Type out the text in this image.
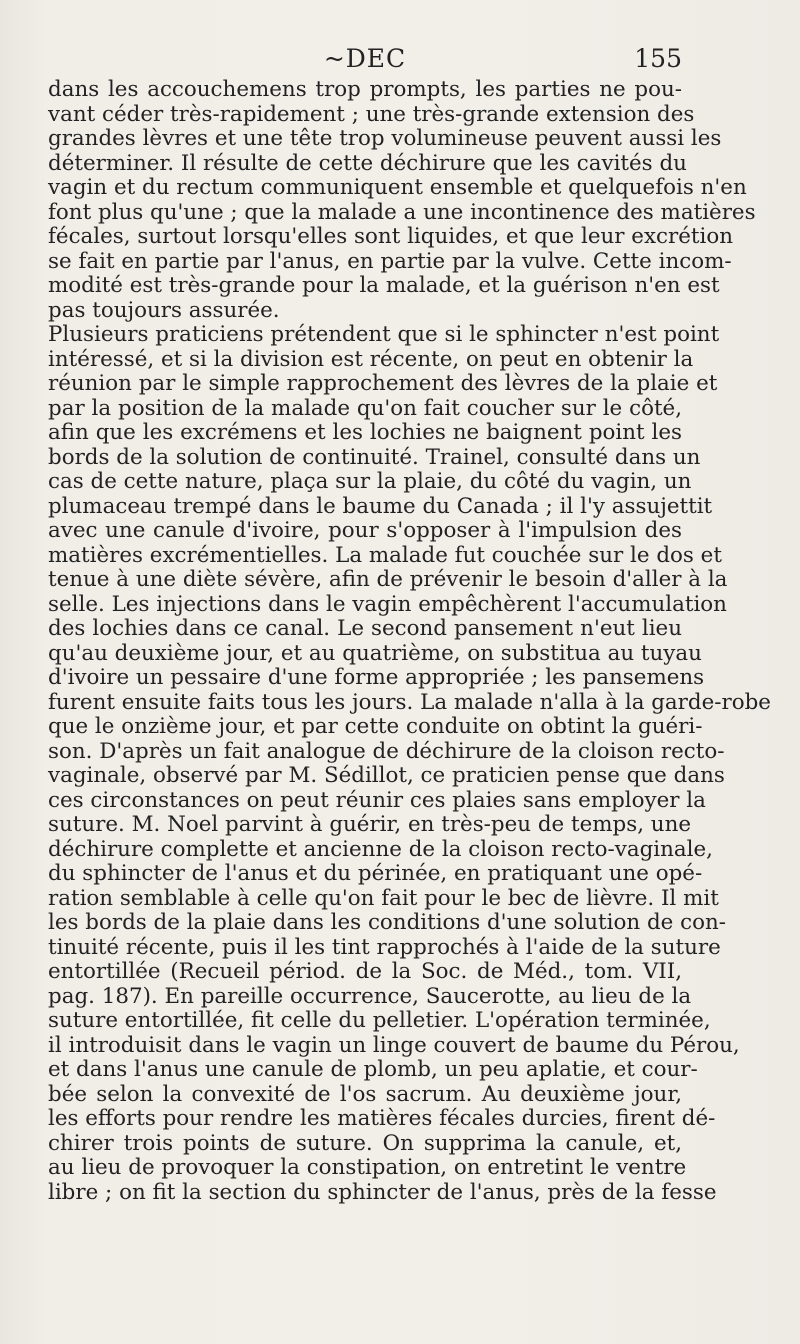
~DEC	155
dans les accouchemens trop prompts, les parties ne pou-
vant céder très-rapidement ; une très-grande extension des
grandes lèvres et une tête trop volumineuse peuvent aussi les
déterminer. Il résulte de cette déchirure que les cavités du
vagin et du rectum communiquent ensemble et quelquefois n'en
font plus qu'une ; que la malade a une incontinence des matières
fécales, surtout lorsqu'elles sont liquides, et que leur excrétion
se fait en partie par l'anus, en partie par la vulve. Cette incom-
modité est très-grande pour la malade, et la guérison n'en est
pas toujours assurée.
Plusieurs praticiens prétendent que si le sphincter n'est point
intéressé, et si la division est récente, on peut en obtenir la
réunion par le simple rapprochement des lèvres de la plaie et
par la position de la malade qu'on fait coucher sur le côté,
afin que les excrémens et les lochies ne baignent point les
bords de la solution de continuité. Trainel, consulté dans un
cas de cette nature, plaça sur la plaie, du côté du vagin, un
plumaceau trempé dans le baume du Canada ; il l'y assujettit
avec une canule d'ivoire, pour s'opposer à l'impulsion des
matières excrémentielles. La malade fut couchée sur le dos et
tenue à une diète sévère, afin de prévenir le besoin d'aller à la
selle. Les injections dans le vagin empêchèrent l'accumulation
des lochies dans ce canal. Le second pansement n'eut lieu
qu'au deuxième jour, et au quatrième, on substitua au tuyau
d'ivoire un pessaire d'une forme appropriée ; les pansemens
furent ensuite faits tous les jours. La malade n'alla à la garde-robe
que le onzième jour, et par cette conduite on obtint la guéri-
son. D'après un fait analogue de déchirure de la cloison recto-
vaginale, observé par M. Sédillot, ce praticien pense que dans
ces circonstances on peut réunir ces plaies sans employer la
suture. M. Noel parvint à guérir, en très-peu de temps, une
déchirure complette et ancienne de la cloison recto-vaginale,
du sphincter de l'anus et du périnée, en pratiquant une opé-
ration semblable à celle qu'on fait pour le bec de lièvre. Il mit
les bords de la plaie dans les conditions d'une solution de con-
tinuité récente, puis il les tint rapprochés à l'aide de la suture
entortillée (Recueil périod. de la Soc. de Méd., tom. VII,
pag. 187). En pareille occurrence, Saucerotte, au lieu de la
suture entortillée, fit celle du pelletier. L'opération terminée,
il introduisit dans le vagin un linge couvert de baume du Pérou,
et dans l'anus une canule de plomb, un peu aplatie, et cour-
bée selon la convexité de l'os sacrum. Au deuxième jour,
les efforts pour rendre les matières fécales durcies, firent dé-
chirer trois points de suture. On supprima la canule, et,
au lieu de provoquer la constipation, on entretint le ventre
libre ; on fit la section du sphincter de l'anus, près de la fesse
